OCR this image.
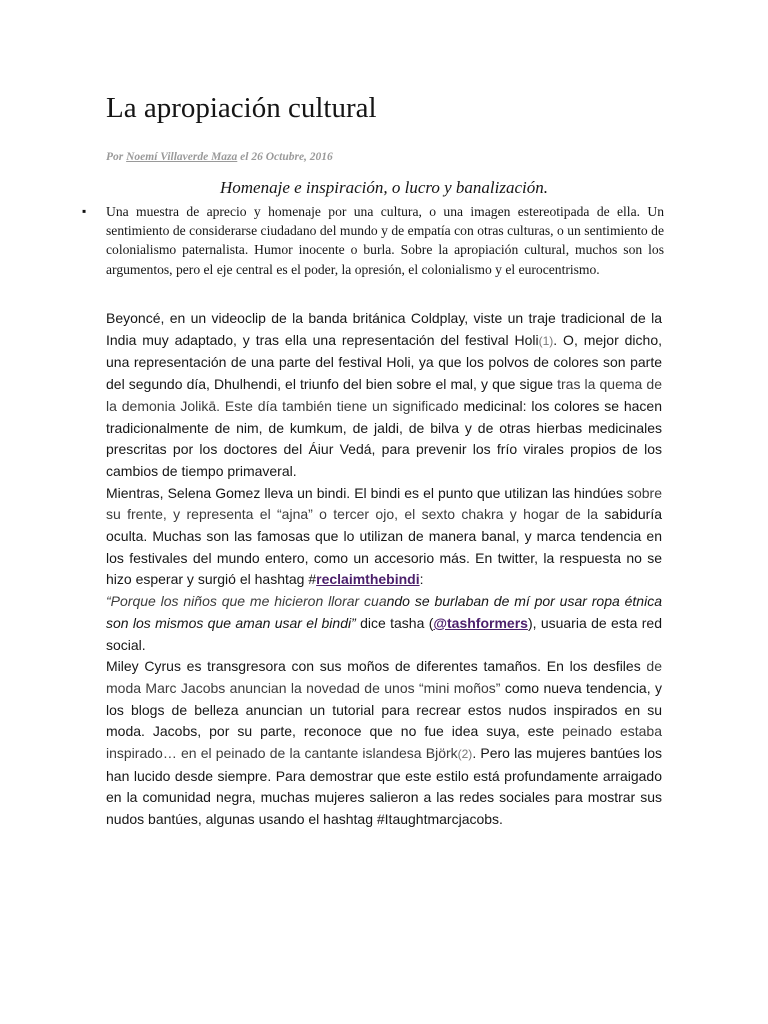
La apropiación cultural
Por Noemí Villaverde Maza el 26 Octubre, 2016
Homenaje e inspiración, o lucro y banalización.
▪ Una muestra de aprecio y homenaje por una cultura, o una imagen estereotipada de ella. Un sentimiento de considerarse ciudadano del mundo y de empatía con otras culturas, o un sentimiento de colonialismo paternalista. Humor inocente o burla. Sobre la apropiación cultural, muchos son los argumentos, pero el eje central es el poder, la opresión, el colonialismo y el eurocentrismo.

Beyoncé, en un videoclip de la banda británica Coldplay, viste un traje tradicional de la India muy adaptado, y tras ella una representación del festival Holi(1). O, mejor dicho, una representación de una parte del festival Holi, ya que los polvos de colores son parte del segundo día, Dhulhendi, el triunfo del bien sobre el mal, y que sigue tras la quema de la demonia Jolikā. Este día también tiene un significado medicinal: los colores se hacen tradicionalmente de nim, de kumkum, de jaldi, de bilva y de otras hierbas medicinales prescritas por los doctores del Áiur Vedá, para prevenir los frío virales propios de los cambios de tiempo primaveral.

Mientras, Selena Gomez lleva un bindi. El bindi es el punto que utilizan las hindúes sobre su frente, y representa el “ajna” o tercer ojo, el sexto chakra y hogar de la sabiduría oculta. Muchas son las famosas que lo utilizan de manera banal, y marca tendencia en los festivales del mundo entero, como un accesorio más. En twitter, la respuesta no se hizo esperar y surgió el hashtag #reclaimthebindi:
“Porque los niños que me hicieron llorar cuando se burlaban de mí por usar ropa étnica son los mismos que aman usar el bindi” dice tasha (@tashformers), usuaria de esta red social.

Miley Cyrus es transgresora con sus moños de diferentes tamaños. En los desfiles de moda Marc Jacobs anuncian la novedad de unos “mini moños” como nueva tendencia, y los blogs de belleza anuncian un tutorial para recrear estos nudos inspirados en su moda. Jacobs, por su parte, reconoce que no fue idea suya, este peinado estaba inspirado… en el peinado de la cantante islandesa Bjӧrk(2). Pero las mujeres bantúes los han lucido desde siempre. Para demostrar que este estilo está profundamente arraigado en la comunidad negra, muchas mujeres salieron a las redes sociales para mostrar sus nudos bantúes, algunas usando el hashtag #Itaughtmarcjacobs.
